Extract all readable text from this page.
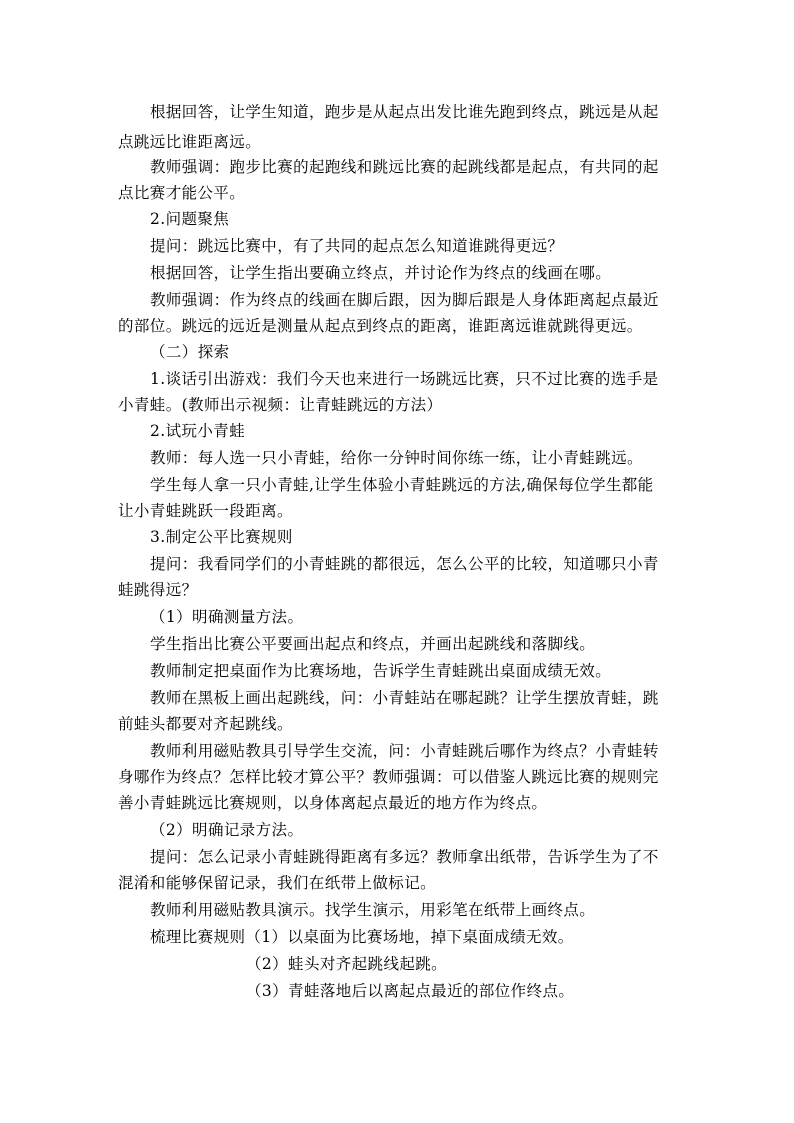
根据回答，让学生知道，跑步是从起点出发比谁先跑到终点，跳远是从起
点跳远比谁距离远。
教师强调：跑步比赛的起跑线和跳远比赛的起跳线都是起点，有共同的起
点比赛才能公平。
2.问题聚焦
提问：跳远比赛中，有了共同的起点怎么知道谁跳得更远？
根据回答，让学生指出要确立终点，并讨论作为终点的线画在哪。
教师强调：作为终点的线画在脚后跟，因为脚后跟是人身体距离起点最近
的部位。跳远的远近是测量从起点到终点的距离，谁距离远谁就跳得更远。
（二）探索
1.谈话引出游戏：我们今天也来进行一场跳远比赛，只不过比赛的选手是
小青蛙。(教师出示视频：让青蛙跳远的方法）
2.试玩小青蛙
教师：每人选一只小青蛙，给你一分钟时间你练一练，让小青蛙跳远。
学生每人拿一只小青蛙,让学生体验小青蛙跳远的方法,确保每位学生都能
让小青蛙跳跃一段距离。
3.制定公平比赛规则
提问：我看同学们的小青蛙跳的都很远，怎么公平的比较，知道哪只小青
蛙跳得远？
（1）明确测量方法。
学生指出比赛公平要画出起点和终点，并画出起跳线和落脚线。
教师制定把桌面作为比赛场地，告诉学生青蛙跳出桌面成绩无效。
教师在黑板上画出起跳线，问：小青蛙站在哪起跳？让学生摆放青蛙，跳
前蛙头都要对齐起跳线。
教师利用磁贴教具引导学生交流，问：小青蛙跳后哪作为终点？小青蛙转
身哪作为终点？怎样比较才算公平？教师强调：可以借鉴人跳远比赛的规则完
善小青蛙跳远比赛规则，以身体离起点最近的地方作为终点。
（2）明确记录方法。
提问：怎么记录小青蛙跳得距离有多远？教师拿出纸带，告诉学生为了不
混淆和能够保留记录，我们在纸带上做标记。
教师利用磁贴教具演示。找学生演示，用彩笔在纸带上画终点。
梳理比赛规则（1）以桌面为比赛场地，掉下桌面成绩无效。
（2）蛙头对齐起跳线起跳。
（3）青蛙落地后以离起点最近的部位作终点。
